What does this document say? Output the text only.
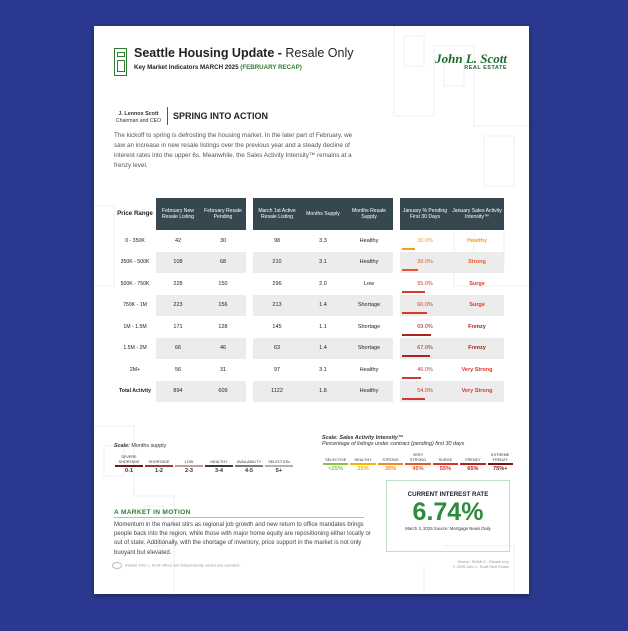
Seattle Housing Update - Resale Only
Key Market Indicators MARCH 2025 (FEBRUARY RECAP)
John L. Scott
REAL ESTATE
J. Lennox Scott
Chairman and CEO SPRING INTO ACTION
The kickoff to spring is defrosting the housing market. In the later part of February, we saw an increase in new resale listings over the previous year and a steady decline of interest rates into the upper 6s. Meanwhile, the Sales Activity Intensity™ remains at a frenzy level.
Price Range	February New Resale Listing	February Resale Pending		March 1st Active Resale Listing	Months Supply	Months Resale Supply		January % Pending First 30 Days	January Sales Activity Intensity™
0 - 350K	42	30		98	3.3	Healthy		30.0%	Healthy
350K - 500K	108	68		210	3.1	Healthy		39.0%	Strong
500K - 750K	228	150		296	2.0	Low		55.0%	Surge
750K - 1M	223	156		213	1.4	Shortage		60.0%	Surge
1M - 1.5M	171	128		145	1.1	Shortage		69.0%	Frenzy
1.5M - 2M	66	46		63	1.4	Shortage		67.0%	Frenzy
2M+	56	31		97	3.1	Healthy		46.0%	Very Strong
Total Activity	894	609		1122	1.8	Healthy		54.0%	Very Strong
Scale: Months supply
SEVERE SHORTAGE
0-1
SHORTAGE
1-2
LOW
2-3
HEALTHY
3-4
AVAILABILITY
4-5
SELECTION
5+
Scale: Sales Activity Intensity™
Percentage of listings under contract (pending) first 30 days
SELECTIVE
<25%
HEALTHY
25%
STRONG
35%
VERY STRONG
45%
SURGE
55%
FRENZY
65%
EXTREME FRENZY
75%+
A MARKET IN MOTION
Momentum in the market stirs as regional job growth and new return to office mandates brings people back into the region, while those with major home equity are repositioning either locally or out of state. Additionally, with the shortage of inventory, price support in the market is not only buoyant but elevated.
CURRENT INTEREST RATE
6.74%
March 3, 2025 Source: Mortgage News Daily
Realtor John L. Scott offices are independently owned and operated.
Source: NWMLS - Resale only
© 2025 John L. Scott Real Estate
